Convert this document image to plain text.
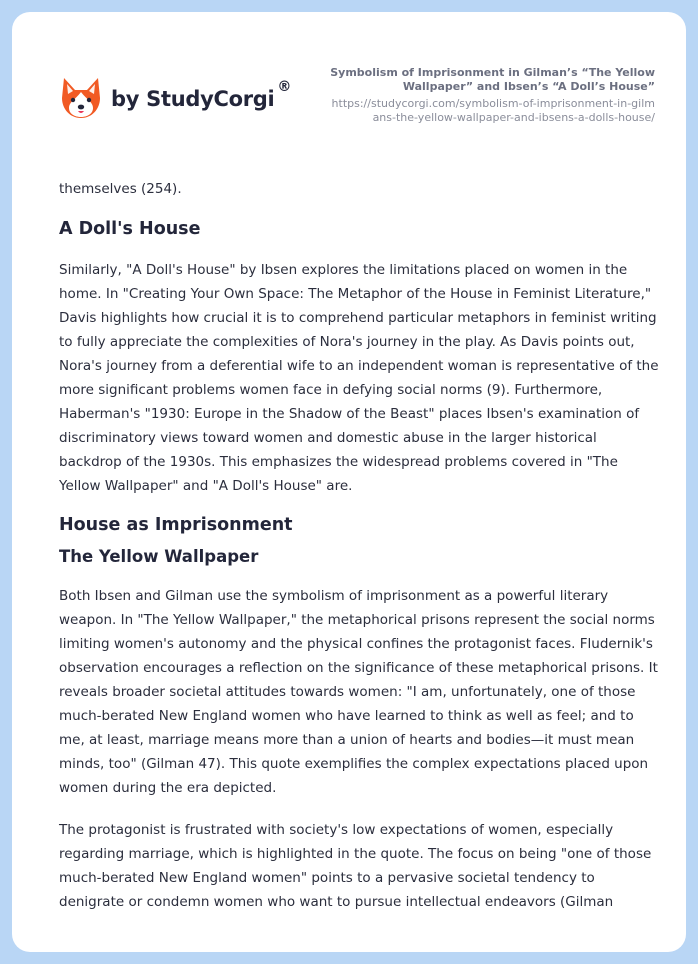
by StudyCorgi ®
Symbolism of Imprisonment in Gilman’s “The Yellow Wallpaper” and Ibsen’s “A Doll’s House”
https://studycorgi.com/symbolism-of-imprisonment-in-gilmans-the-yellow-wallpaper-and-ibsens-a-dolls-house/

themselves (254).

A Doll's House

Similarly, "A Doll's House" by Ibsen explores the limitations placed on women in the home. In "Creating Your Own Space: The Metaphor of the House in Feminist Literature," Davis highlights how crucial it is to comprehend particular metaphors in feminist writing to fully appreciate the complexities of Nora's journey in the play. As Davis points out, Nora's journey from a deferential wife to an independent woman is representative of the more significant problems women face in defying social norms (9). Furthermore, Haberman's "1930: Europe in the Shadow of the Beast" places Ibsen's examination of discriminatory views toward women and domestic abuse in the larger historical backdrop of the 1930s. This emphasizes the widespread problems covered in "The Yellow Wallpaper" and "A Doll's House" are.

House as Imprisonment
The Yellow Wallpaper

Both Ibsen and Gilman use the symbolism of imprisonment as a powerful literary weapon. In "The Yellow Wallpaper," the metaphorical prisons represent the social norms limiting women's autonomy and the physical confines the protagonist faces. Fludernik's observation encourages a reflection on the significance of these metaphorical prisons. It reveals broader societal attitudes towards women: "I am, unfortunately, one of those much-berated New England women who have learned to think as well as feel; and to me, at least, marriage means more than a union of hearts and bodies—it must mean minds, too" (Gilman 47). This quote exemplifies the complex expectations placed upon women during the era depicted.

The protagonist is frustrated with society's low expectations of women, especially regarding marriage, which is highlighted in the quote. The focus on being "one of those much-berated New England women" points to a pervasive societal tendency to denigrate or condemn women who want to pursue intellectual endeavors (Gilman
